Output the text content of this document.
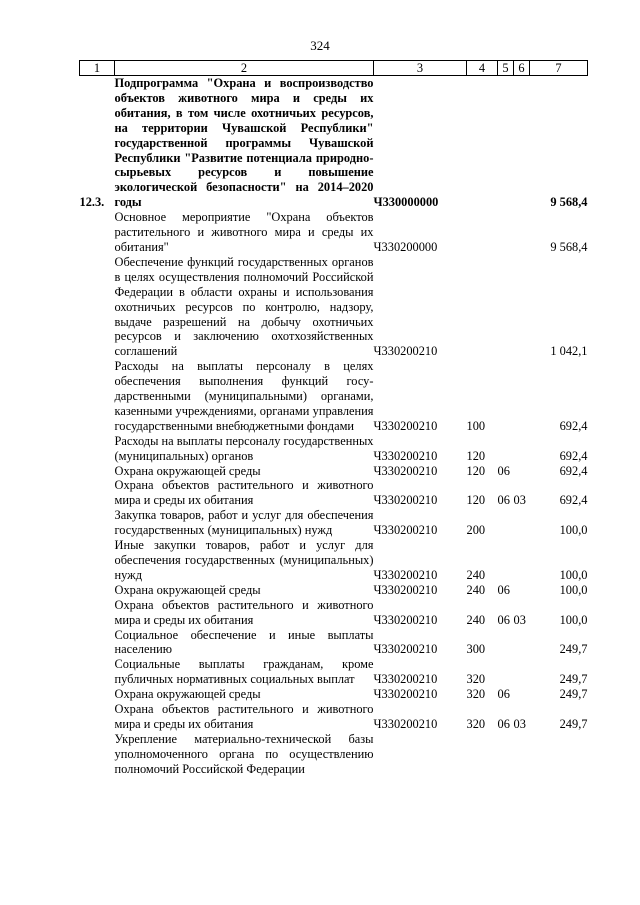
324
1	2	3	4	5	6	7
12.3.	Подпрограмма "Охрана и воспроизводство объектов животного мира и среды их обитания, в том числе охотничьих ресурсов, на территории Чувашской Республики" государственной программы Чувашской Республики "Развитие потенциала природно-сырьевых ресурсов и повышение экологической безопасности" на 2014–2020 годы	Ч330000000				9 568,4
	Основное мероприятие "Охрана объектов растительного и животного мира и среды их обитания"	Ч330200000				9 568,4
	Обеспечение функций государственных органов в целях осуществления полномочий Российской Федерации в области охраны и использования охотничьих ресурсов по контролю, надзору, выдаче разрешений на добычу охотничьих ресурсов и заключению охотхозяйственных соглашений	Ч330200210				1 042,1
	Расходы на выплаты персоналу в целях обеспечения выполнения функций государственными (муниципальными) органами, казенными учреждениями, органами управления государственными внебюджетными фондами	Ч330200210	100			692,4
	Расходы на выплаты персоналу государственных (муниципальных) органов	Ч330200210	120			692,4
	Охрана окружающей среды	Ч330200210	120	06		692,4
	Охрана объектов растительного и животного мира и среды их обитания	Ч330200210	120	06	03	692,4
	Закупка товаров, работ и услуг для обеспечения государственных (муниципальных) нужд	Ч330200210	200			100,0
	Иные закупки товаров, работ и услуг для обеспечения государственных (муниципальных) нужд	Ч330200210	240			100,0
	Охрана окружающей среды	Ч330200210	240	06		100,0
	Охрана объектов растительного и животного мира и среды их обитания	Ч330200210	240	06	03	100,0
	Социальное обеспечение и иные выплаты населению	Ч330200210	300			249,7
	Социальные выплаты гражданам, кроме публичных нормативных социальных выплат	Ч330200210	320			249,7
	Охрана окружающей среды	Ч330200210	320	06		249,7
	Охрана объектов растительного и животного мира и среды их обитания	Ч330200210	320	06	03	249,7
	Укрепление материально-технической базы уполномоченного органа по осуществлению полномочий Российской Федерации					
